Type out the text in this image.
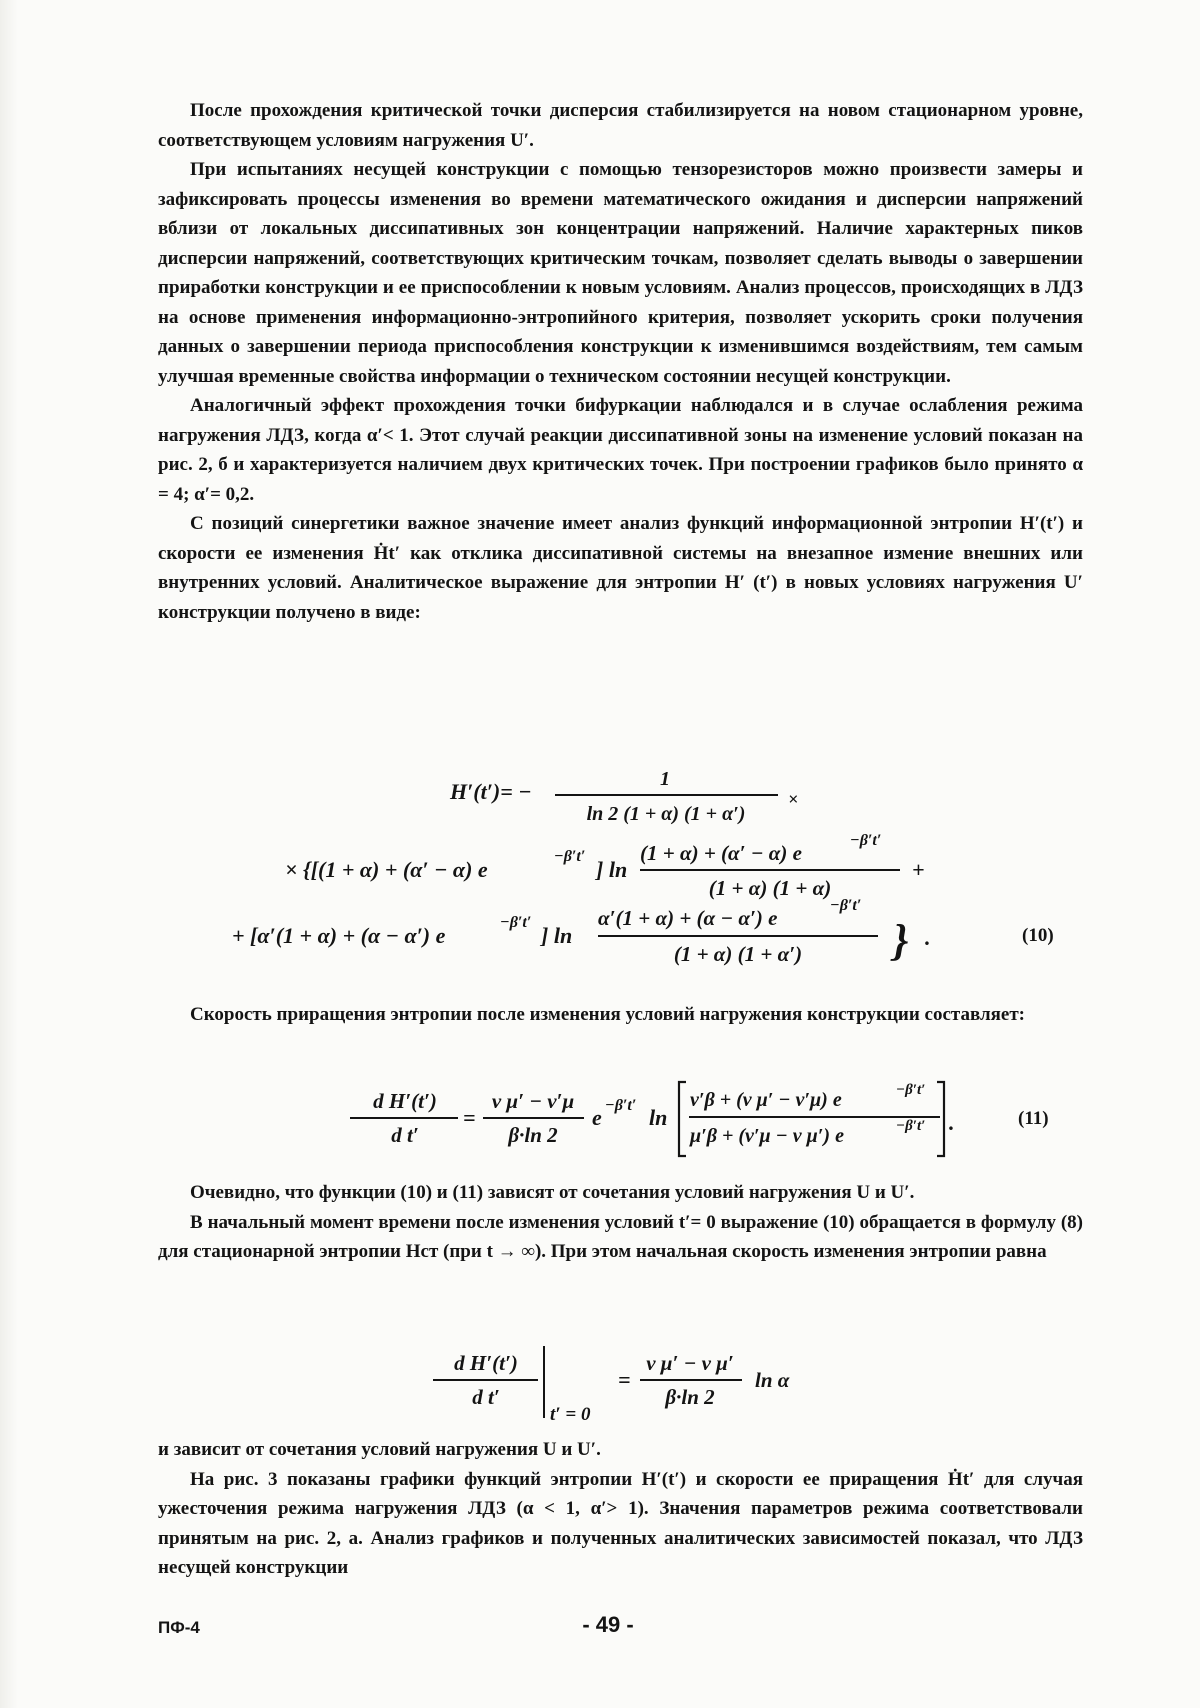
После прохождения критической точки дисперсия стабилизируется на новом стационарном уровне, соответствующем условиям нагружения U′.

При испытаниях несущей конструкции с помощью тензорезисторов можно произвести замеры и зафиксировать процессы изменения во времени математического ожидания и дисперсии напряжений вблизи от локальных диссипативных зон концентрации напряжений. Наличие характерных пиков дисперсии напряжений, соответствующих критическим точкам, позволяет сделать выводы о завершении приработки конструкции и ее приспособлении к новым условиям. Анализ процессов, происходящих в ЛДЗ на основе применения информационно-энтропийного критерия, позволяет ускорить сроки получения данных о завершении периода приспособления конструкции к изменившимся воздействиям, тем самым улучшая временные свойства информации о техническом состоянии несущей конструкции.

Аналогичный эффект прохождения точки бифуркации наблюдался и в случае ослабления режима нагружения ЛДЗ, когда α′< 1. Этот случай реакции диссипативной зоны на изменение условий показан на рис. 2, б и характеризуется наличием двух критических точек. При построении графиков было принято α = 4; α′= 0,2.

С позиций синергетики важное значение имеет анализ функций информационной энтропии H′(t′) и скорости ее изменения Ḣt′ как отклика диссипативной системы на внезапное измение внешних или внутренних условий. Аналитическое выражение для энтропии H′ (t′) в новых условиях нагружения U′ конструкции получено в виде:

H′(t′)= −	1
ln 2 (1 + α) (1 + α′)
×
× {[(1 + α) + (α′ − α) e
−β′t′
] ln
(1 + α) + (α′ − α) e
−β′t′
(1 + α) (1 + α)
+
+ [α′(1 + α) + (α − α′) e
−β′t′
] ln
α′(1 + α) + (α − α′) e
−β′t′
(1 + α) (1 + α′) } .	(10)

Скорость приращения энтропии после изменения условий нагружения конструкции составляет:

d H′(t′)
d t′
=
ν μ′ − ν′μ
β·ln 2
e −β′t′ ln
ν′β + (ν μ′ − ν′μ) e	−β′t′
μ′β + (ν′μ − ν μ′) e	−β′t′ .	(11)

Очевидно, что функции (10) и (11) зависят от сочетания условий нагружения U и U′.

В начальный момент времени после изменения условий t′= 0 выражение (10) обращается в формулу (8) для стационарной энтропии Hст (при t → ∞). При этом начальная скорость изменения энтропии равна

d H′(t′)
d t′
t′ = 0
=
ν μ′ − ν μ′
β·ln 2
ln α

и зависит от сочетания условий нагружения U и U′.

На рис. 3 показаны графики функций энтропии H′(t′) и скорости ее приращения Ḣt′ для случая ужесточения режима нагружения ЛДЗ (α < 1, α′> 1). Значения параметров режима соответствовали принятым на рис. 2, а. Анализ графиков и полученных аналитических зависимостей показал, что ЛДЗ несущей конструкции

ПФ-4	- 49 -
